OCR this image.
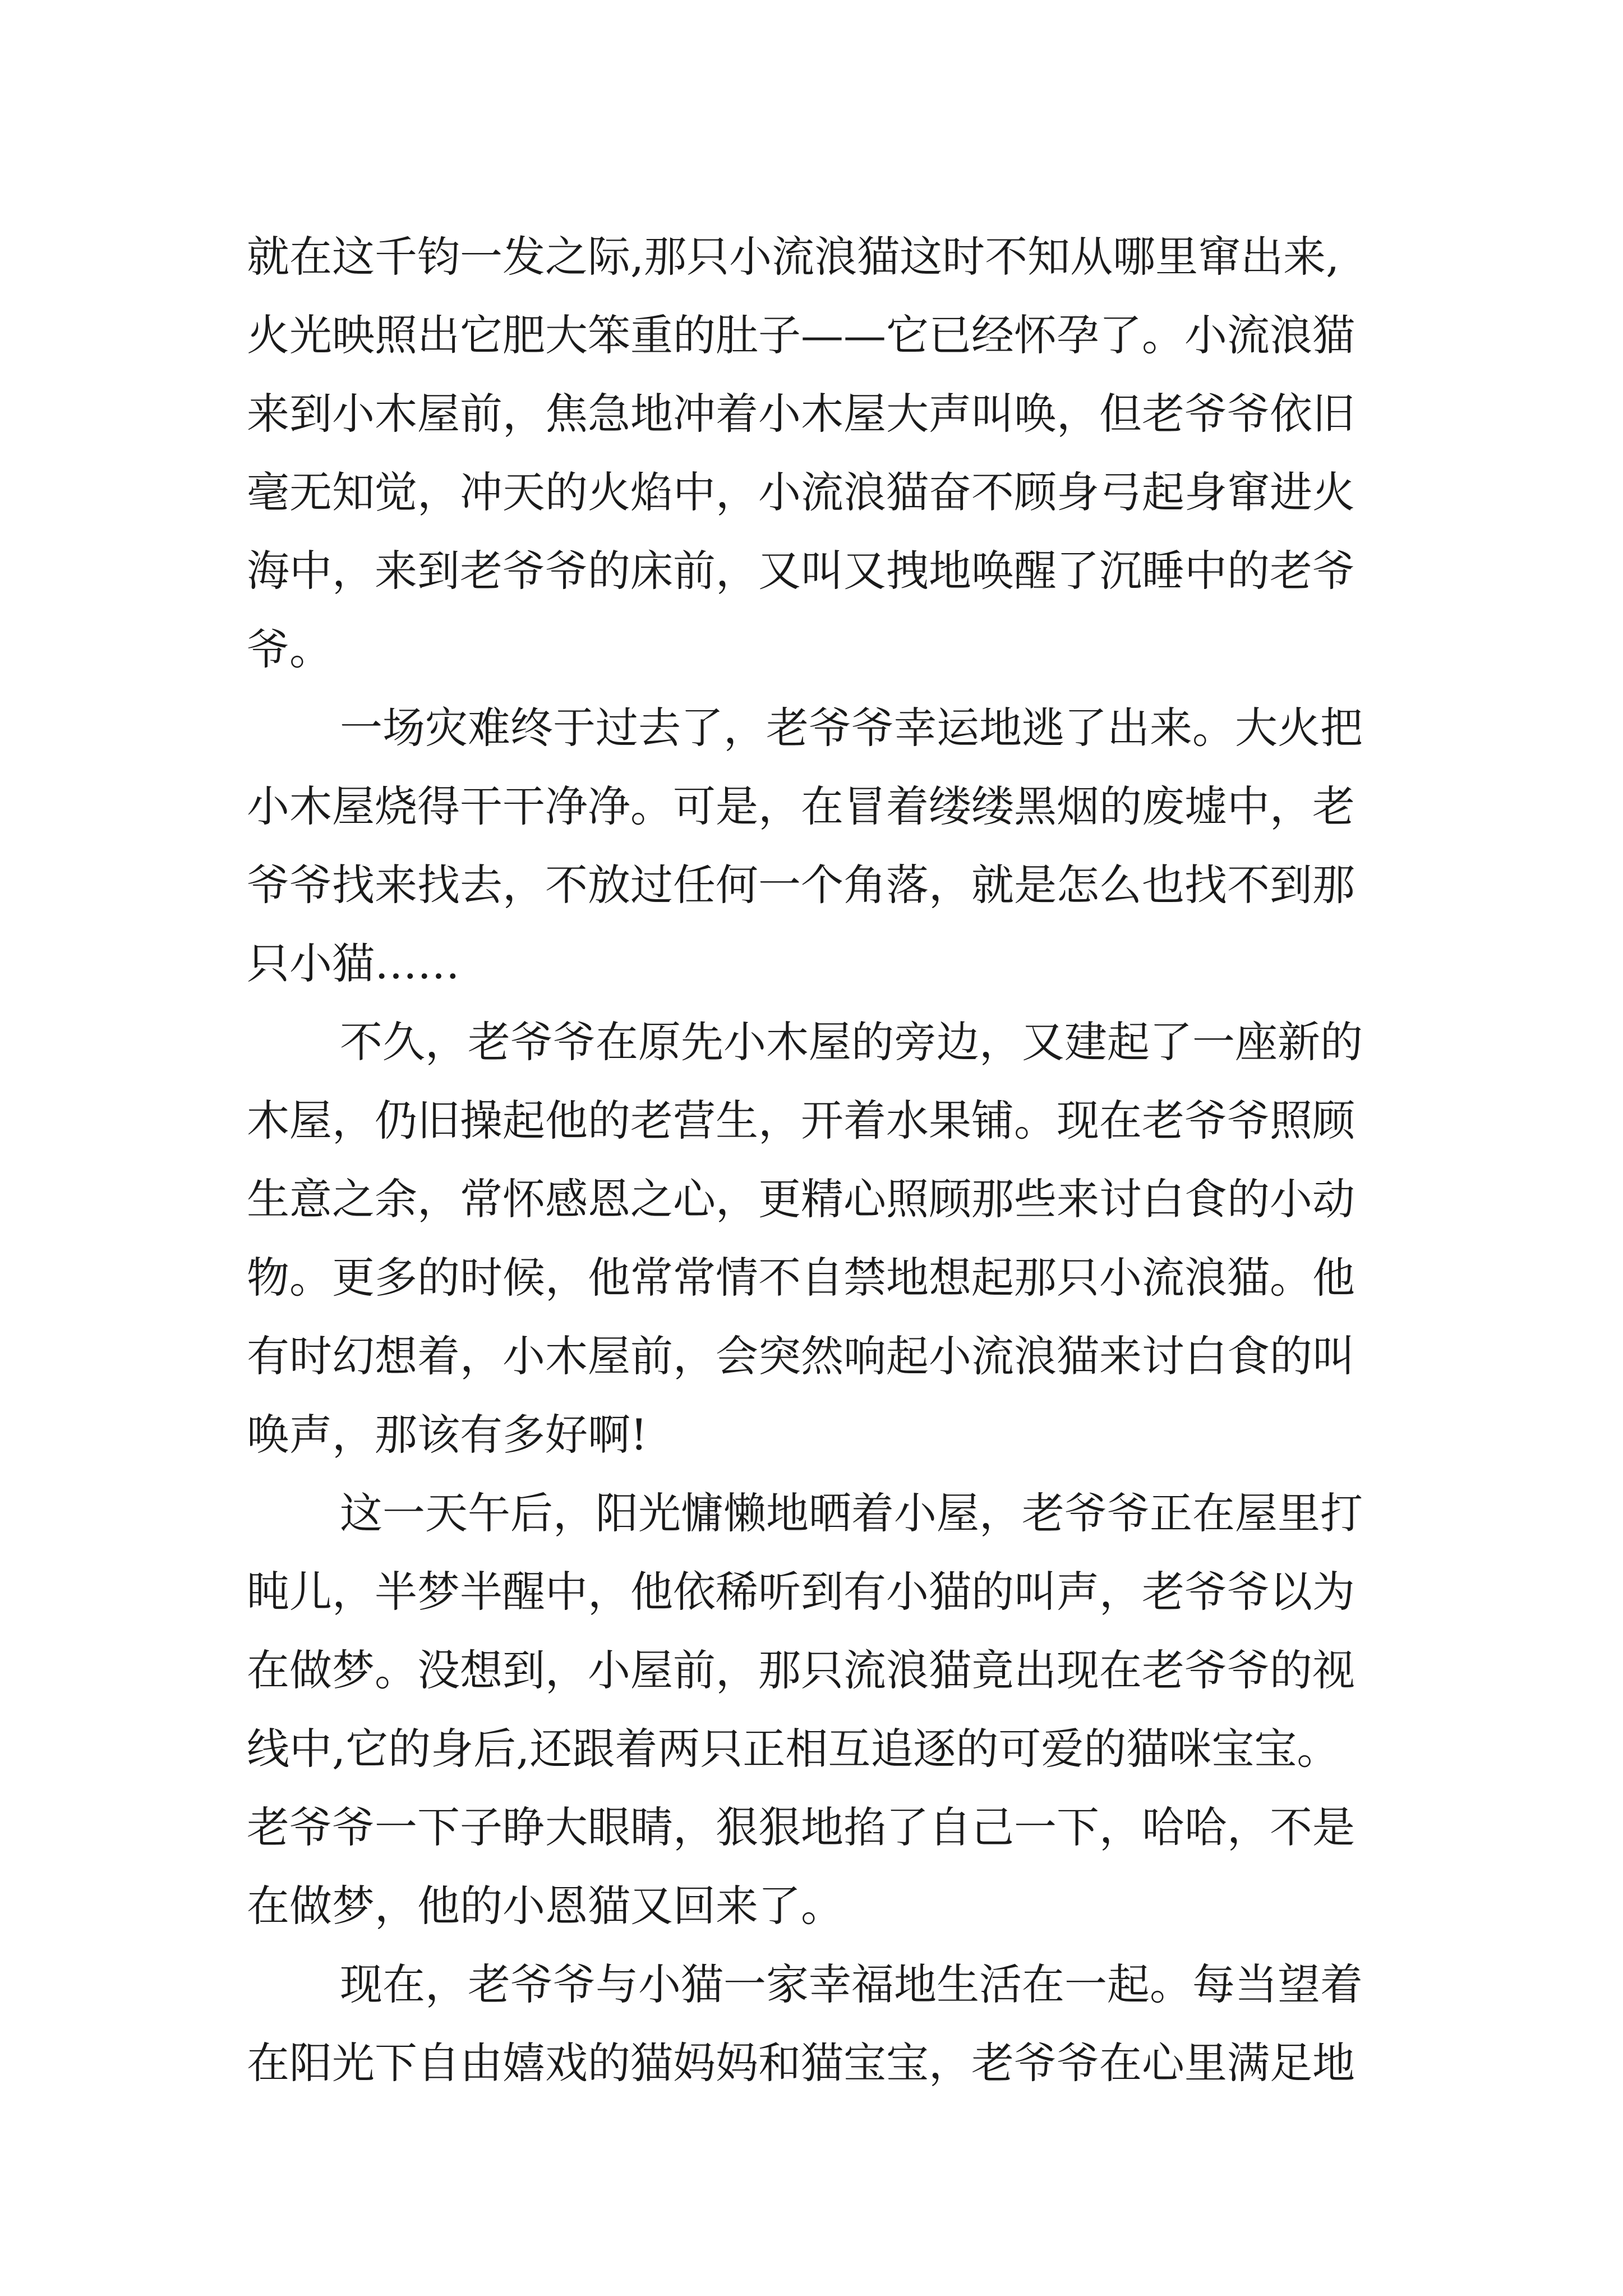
就在这千钧一发之际,那只小流浪猫这时不知从哪里窜出来,
火光映照出它肥大笨重的肚子——它已经怀孕了。小流浪猫
来到小木屋前，焦急地冲着小木屋大声叫唤，但老爷爷依旧
毫无知觉，冲天的火焰中，小流浪猫奋不顾身弓起身窜进火
海中，来到老爷爷的床前，又叫又拽地唤醒了沉睡中的老爷
爷。
一场灾难终于过去了，老爷爷幸运地逃了出来。大火把
小木屋烧得干干净净。可是，在冒着缕缕黑烟的废墟中，老
爷爷找来找去，不放过任何一个角落，就是怎么也找不到那
只小猫……
不久，老爷爷在原先小木屋的旁边，又建起了一座新的
木屋，仍旧操起他的老营生，开着水果铺。现在老爷爷照顾
生意之余，常怀感恩之心，更精心照顾那些来讨白食的小动
物。更多的时候，他常常情不自禁地想起那只小流浪猫。他
有时幻想着，小木屋前，会突然响起小流浪猫来讨白食的叫
唤声，那该有多好啊!
这一天午后，阳光慵懒地晒着小屋，老爷爷正在屋里打
盹儿，半梦半醒中，他依稀听到有小猫的叫声，老爷爷以为
在做梦。没想到，小屋前，那只流浪猫竟出现在老爷爷的视
线中,它的身后,还跟着两只正相互追逐的可爱的猫咪宝宝。
老爷爷一下子睁大眼睛，狠狠地掐了自己一下，哈哈，不是
在做梦，他的小恩猫又回来了。
现在，老爷爷与小猫一家幸福地生活在一起。每当望着
在阳光下自由嬉戏的猫妈妈和猫宝宝，老爷爷在心里满足地
